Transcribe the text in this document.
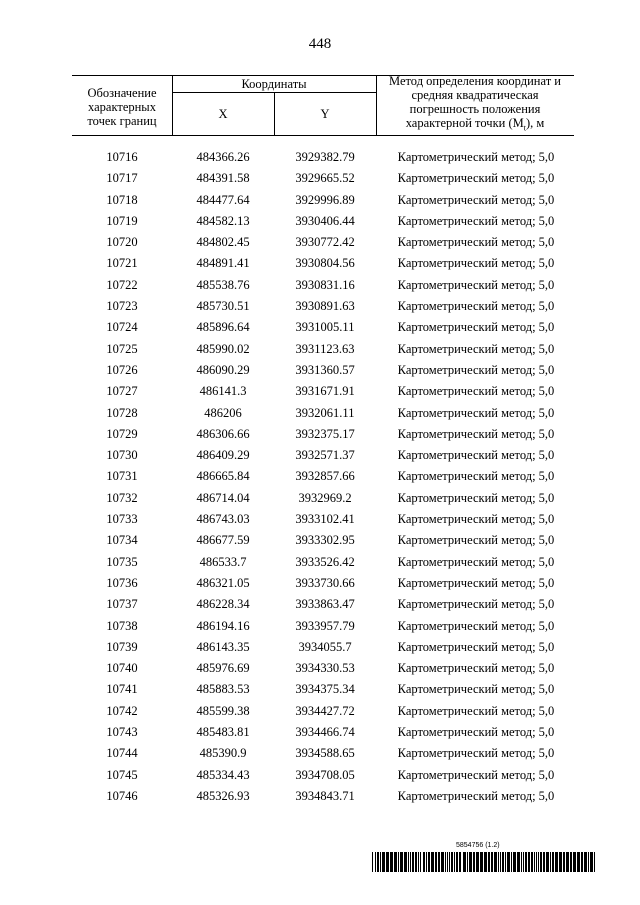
448
Обозначение характерных точек границ
Координаты
X	Y
Метод определения координат и средняя квадратическая погрешность положения характерной точки $(M_t)$, м
10716	484366.26	3929382.79	Картометрический метод; 5,0
10717	484391.58	3929665.52	Картометрический метод; 5,0
10718	484477.64	3929996.89	Картометрический метод; 5,0
10719	484582.13	3930406.44	Картометрический метод; 5,0
10720	484802.45	3930772.42	Картометрический метод; 5,0
10721	484891.41	3930804.56	Картометрический метод; 5,0
10722	485538.76	3930831.16	Картометрический метод; 5,0
10723	485730.51	3930891.63	Картометрический метод; 5,0
10724	485896.64	3931005.11	Картометрический метод; 5,0
10725	485990.02	3931123.63	Картометрический метод; 5,0
10726	486090.29	3931360.57	Картометрический метод; 5,0
10727	486141.3	3931671.91	Картометрический метод; 5,0
10728	486206	3932061.11	Картометрический метод; 5,0
10729	486306.66	3932375.17	Картометрический метод; 5,0
10730	486409.29	3932571.37	Картометрический метод; 5,0
10731	486665.84	3932857.66	Картометрический метод; 5,0
10732	486714.04	3932969.2	Картометрический метод; 5,0
10733	486743.03	3933102.41	Картометрический метод; 5,0
10734	486677.59	3933302.95	Картометрический метод; 5,0
10735	486533.7	3933526.42	Картометрический метод; 5,0
10736	486321.05	3933730.66	Картометрический метод; 5,0
10737	486228.34	3933863.47	Картометрический метод; 5,0
10738	486194.16	3933957.79	Картометрический метод; 5,0
10739	486143.35	3934055.7	Картометрический метод; 5,0
10740	485976.69	3934330.53	Картометрический метод; 5,0
10741	485883.53	3934375.34	Картометрический метод; 5,0
10742	485599.38	3934427.72	Картометрический метод; 5,0
10743	485483.81	3934466.74	Картометрический метод; 5,0
10744	485390.9	3934588.65	Картометрический метод; 5,0
10745	485334.43	3934708.05	Картометрический метод; 5,0
10746	485326.93	3934843.71	Картометрический метод; 5,0
5854756 (1.2)
